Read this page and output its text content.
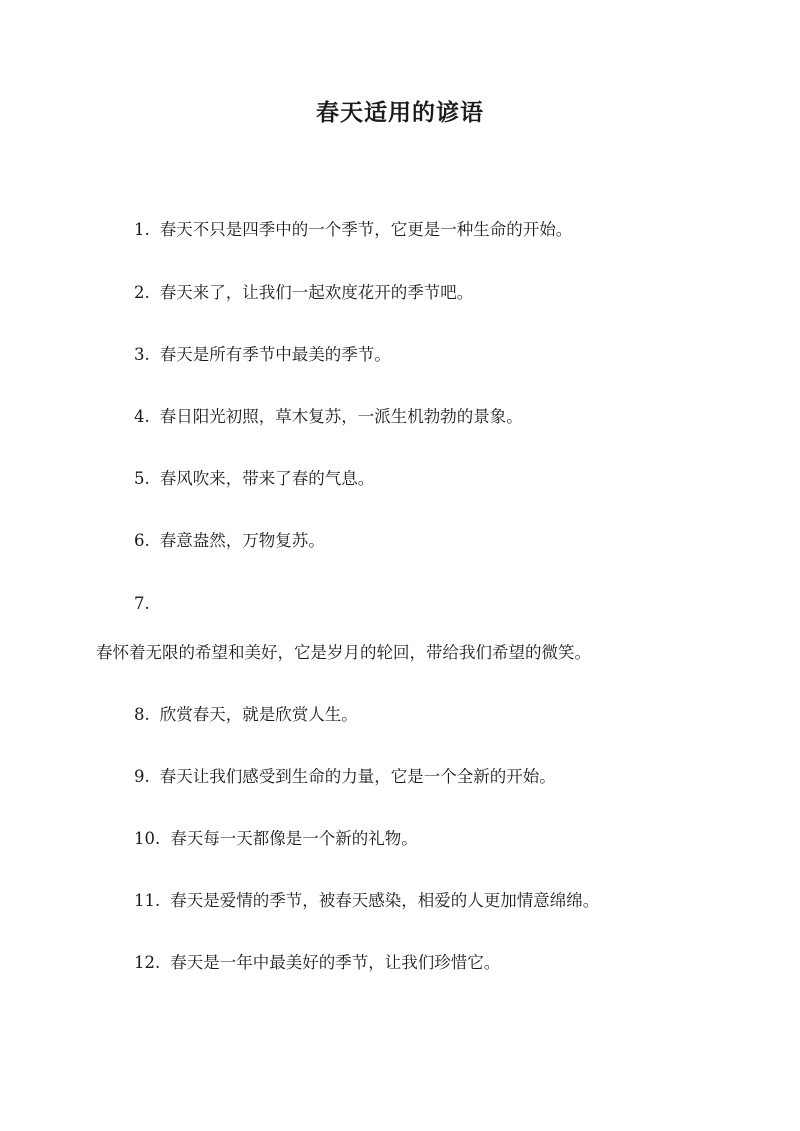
春天适用的谚语
1. 春天不只是四季中的一个季节，它更是一种生命的开始。
2. 春天来了，让我们一起欢度花开的季节吧。
3. 春天是所有季节中最美的季节。
4. 春日阳光初照，草木复苏，一派生机勃勃的景象。
5. 春风吹来，带来了春的气息。
6. 春意盎然，万物复苏。
7.
春怀着无限的希望和美好，它是岁月的轮回，带给我们希望的微笑。
8. 欣赏春天，就是欣赏人生。
9. 春天让我们感受到生命的力量，它是一个全新的开始。
10. 春天每一天都像是一个新的礼物。
11. 春天是爱情的季节，被春天感染，相爱的人更加情意绵绵。
12. 春天是一年中最美好的季节，让我们珍惜它。
